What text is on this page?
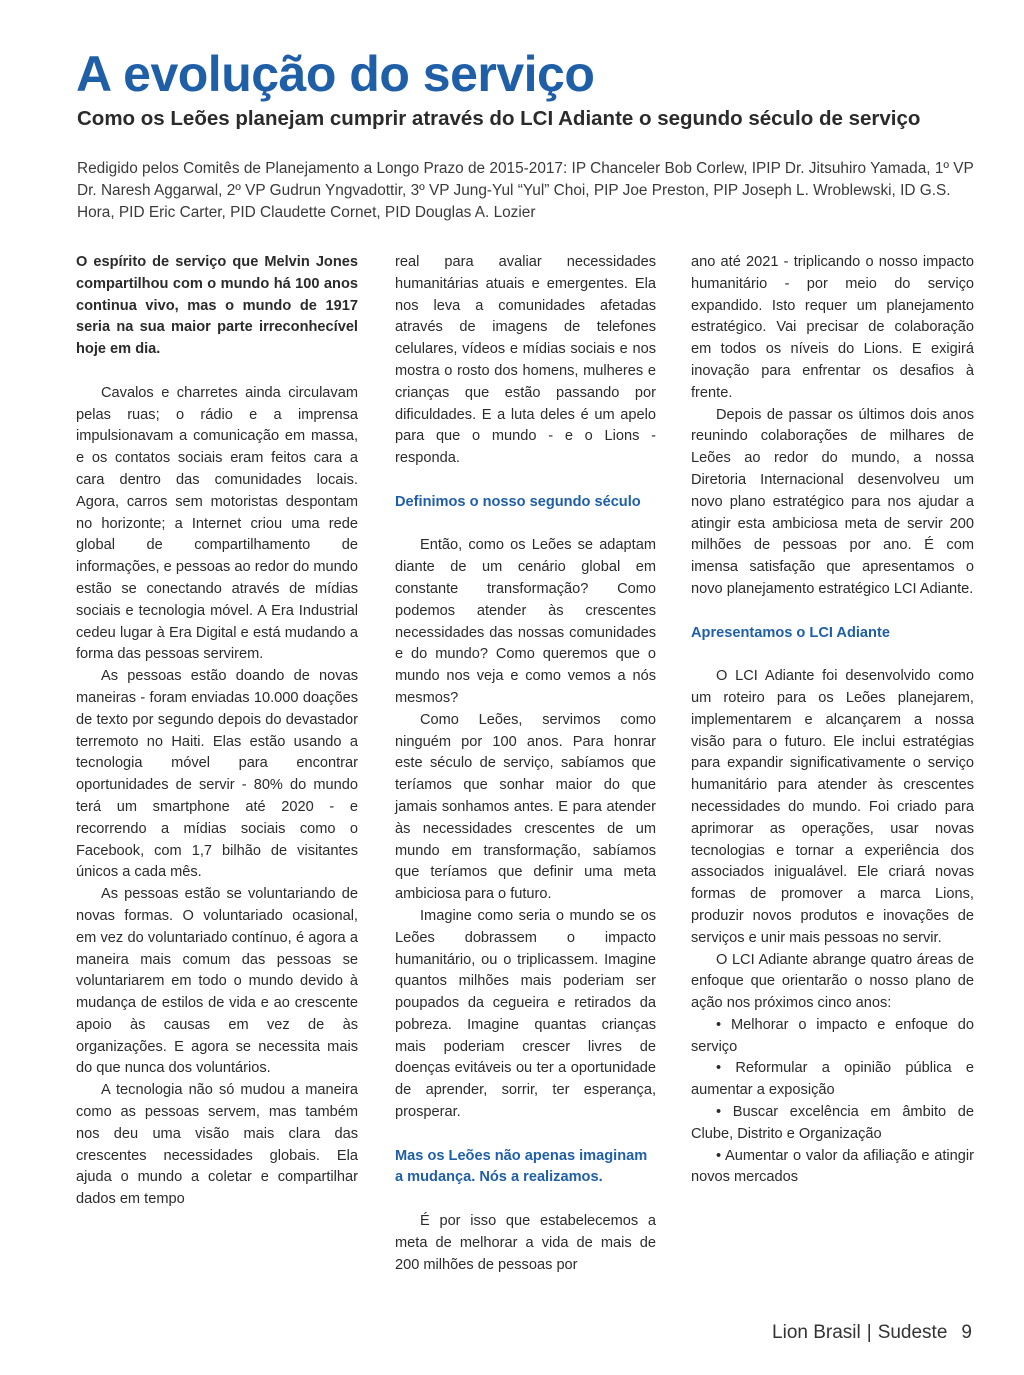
A evolução do serviço
Como os Leões planejam cumprir através do LCI Adiante o segundo século de serviço

Redigido pelos Comitês de Planejamento a Longo Prazo de 2015-2017: IP Chanceler Bob Corlew, IPIP Dr. Jitsuhiro Yamada, 1º VP Dr. Naresh Aggarwal, 2º VP Gudrun Yngvadottir, 3º VP Jung-Yul “Yul” Choi, PIP Joe Preston, PIP Joseph L. Wroblewski, ID G.S. Hora, PID Eric Carter, PID Claudette Cornet, PID Douglas A. Lozier

O espírito de serviço que Melvin Jones compartilhou com o mundo há 100 anos continua vivo, mas o mundo de 1917 seria na sua maior parte irreconhecível hoje em dia.

Cavalos e charretes ainda circulavam pelas ruas; o rádio e a imprensa impulsionavam a comunicação em massa, e os contatos sociais eram feitos cara a cara dentro das comunidades locais. Agora, carros sem motoristas despontam no horizonte; a Internet criou uma rede global de compartilhamento de informações, e pessoas ao redor do mundo estão se conectando através de mídias sociais e tecnologia móvel. A Era Industrial cedeu lugar à Era Digital e está mudando a forma das pessoas servirem.

As pessoas estão doando de novas maneiras - foram enviadas 10.000 doações de texto por segundo depois do devastador terremoto no Haiti. Elas estão usando a tecnologia móvel para encontrar oportunidades de servir - 80% do mundo terá um smartphone até 2020 - e recorrendo a mídias sociais como o Facebook, com 1,7 bilhão de visitantes únicos a cada mês.

As pessoas estão se voluntariando de novas formas. O voluntariado ocasional, em vez do voluntariado contínuo, é agora a maneira mais comum das pessoas se voluntariarem em todo o mundo devido à mudança de estilos de vida e ao crescente apoio às causas em vez de às organizações. E agora se necessita mais do que nunca dos voluntários.

A tecnologia não só mudou a maneira como as pessoas servem, mas também nos deu uma visão mais clara das crescentes necessidades globais. Ela ajuda o mundo a coletar e compartilhar dados em tempo

real para avaliar necessidades humanitárias atuais e emergentes. Ela nos leva a comunidades afetadas através de imagens de telefones celulares, vídeos e mídias sociais e nos mostra o rosto dos homens, mulheres e crianças que estão passando por dificuldades. E a luta deles é um apelo para que o mundo - e o Lions - responda.

Definimos o nosso segundo século

Então, como os Leões se adaptam diante de um cenário global em constante transformação? Como podemos atender às crescentes necessidades das nossas comunidades e do mundo? Como queremos que o mundo nos veja e como vemos a nós mesmos?

Como Leões, servimos como ninguém por 100 anos. Para honrar este século de serviço, sabíamos que teríamos que sonhar maior do que jamais sonhamos antes. E para atender às necessidades crescentes de um mundo em transformação, sabíamos que teríamos que definir uma meta ambiciosa para o futuro.

Imagine como seria o mundo se os Leões dobrassem o impacto humanitário, ou o triplicassem. Imagine quantos milhões mais poderiam ser poupados da cegueira e retirados da pobreza. Imagine quantas crianças mais poderiam crescer livres de doenças evitáveis ou ter a oportunidade de aprender, sorrir, ter esperança, prosperar.

Mas os Leões não apenas imaginam a mudança. Nós a realizamos.

É por isso que estabelecemos a meta de melhorar a vida de mais de 200 milhões de pessoas por

ano até 2021 - triplicando o nosso impacto humanitário - por meio do serviço expandido. Isto requer um planejamento estratégico. Vai precisar de colaboração em todos os níveis do Lions. E exigirá inovação para enfrentar os desafios à frente.

Depois de passar os últimos dois anos reunindo colaborações de milhares de Leões ao redor do mundo, a nossa Diretoria Internacional desenvolveu um novo plano estratégico para nos ajudar a atingir esta ambiciosa meta de servir 200 milhões de pessoas por ano. É com imensa satisfação que apresentamos o novo planejamento estratégico LCI Adiante.

Apresentamos o LCI Adiante

O LCI Adiante foi desenvolvido como um roteiro para os Leões planejarem, implementarem e alcançarem a nossa visão para o futuro. Ele inclui estratégias para expandir significativamente o serviço humanitário para atender às crescentes necessidades do mundo. Foi criado para aprimorar as operações, usar novas tecnologias e tornar a experiência dos associados inigualável. Ele criará novas formas de promover a marca Lions, produzir novos produtos e inovações de serviços e unir mais pessoas no servir.

O LCI Adiante abrange quatro áreas de enfoque que orientarão o nosso plano de ação nos próximos cinco anos:

• Melhorar o impacto e enfoque do serviço

• Reformular a opinião pública e aumentar a exposição

• Buscar excelência em âmbito de Clube, Distrito e Organização

• Aumentar o valor da afiliação e atingir novos mercados

Lion Brasil | Sudeste 9
